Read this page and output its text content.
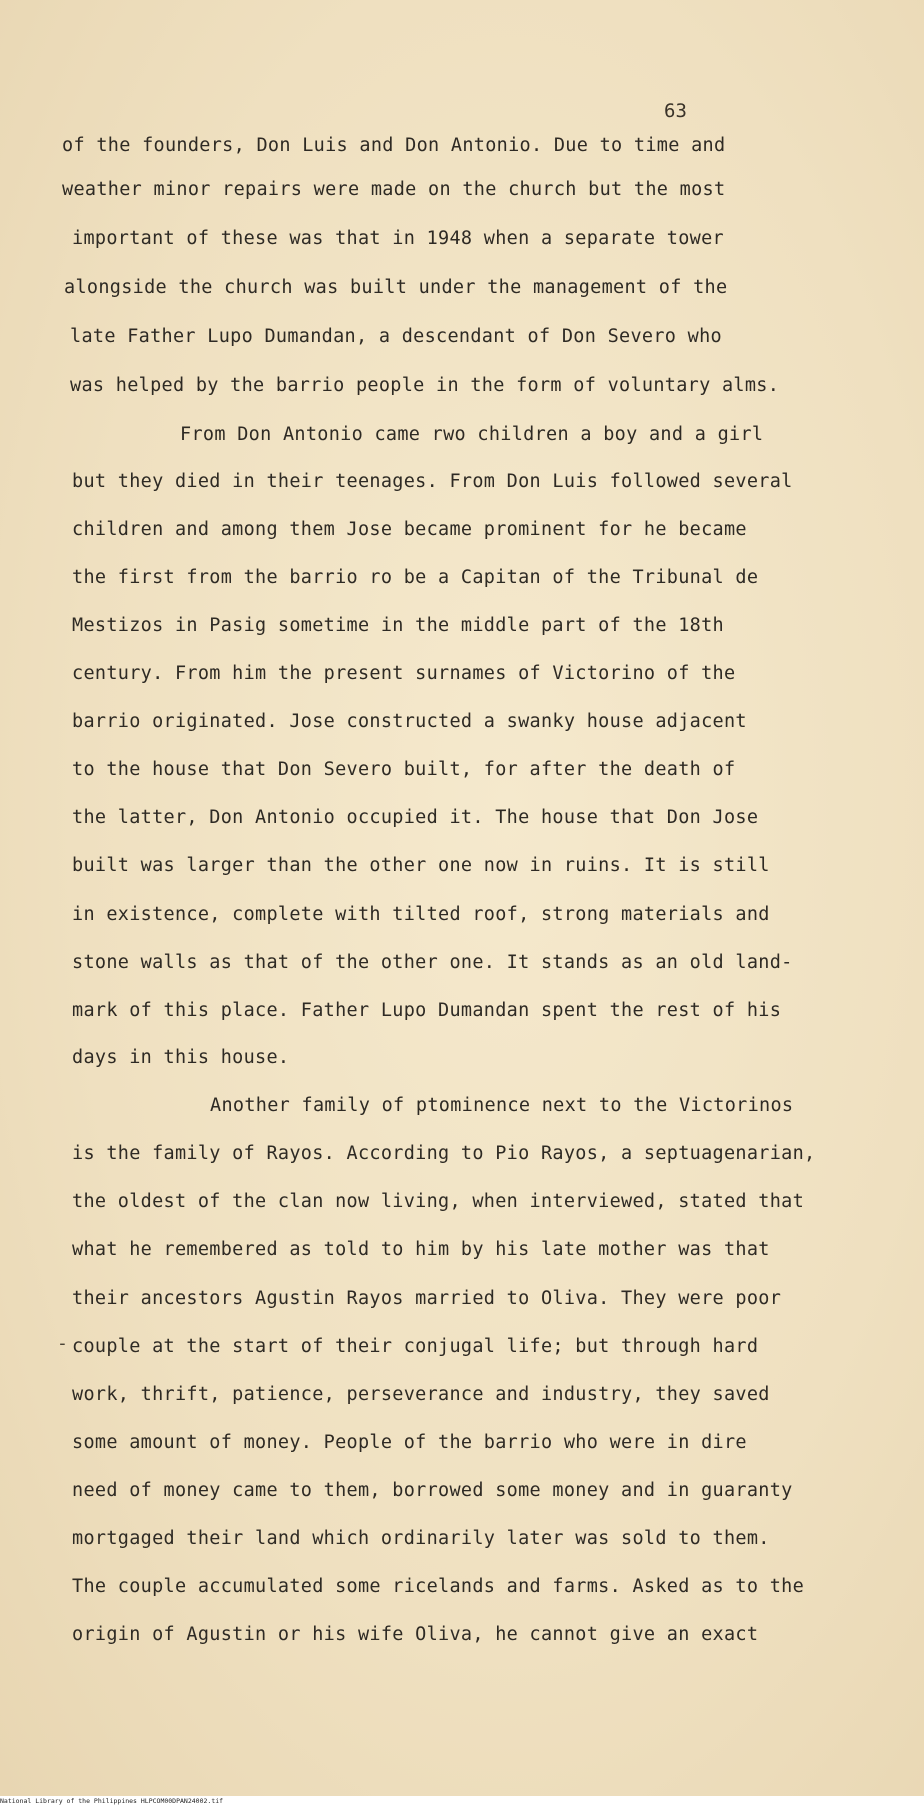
63

-

of the founders, Don Luis and Don Antonio. Due to time and

weather minor repairs were made on the church but the most

important of these was that in 1948 when a separate tower

alongside the church was built under the management of the

late Father Lupo Dumandan, a descendant of Don Severo who

was helped by the barrio people in the form of voluntary alms.

From Don Antonio came rwo children a boy and a girl

but they died in their teenages. From Don Luis followed several

children and among them Jose became prominent for he became

the first from the barrio ro be a Capitan of the Tribunal de

Mestizos in Pasig sometime in the middle part of the 18th

century. From him the present surnames of Victorino of the

barrio originated. Jose constructed a swanky house adjacent

to the house that Don Severo built, for after the death of

the latter, Don Antonio occupied it. The house that Don Jose

built was larger than the other one now in ruins. It is still

in existence, complete with tilted roof, strong materials and

stone walls as that of the other one. It stands as an old land-

mark of this place. Father Lupo Dumandan spent the rest of his

days in this house.

Another family of ptominence next to the Victorinos

is the family of Rayos. According to Pio Rayos, a septuagenarian,

the oldest of the clan now living, when interviewed, stated that

what he remembered as told to him by his late mother was that

their ancestors Agustin Rayos married to Oliva. They were poor

couple at the start of their conjugal life; but through hard

work, thrift, patience, perseverance and industry, they saved

some amount of money. People of the barrio who were in dire

need of money came to them, borrowed some money and in guaranty

mortgaged their land which ordinarily later was sold to them.

The couple accumulated some ricelands and farms. Asked as to the

origin of Agustin or his wife Oliva, he cannot give an exact

National Library of the Philippines HLPCOM00DPAN24002.tif
